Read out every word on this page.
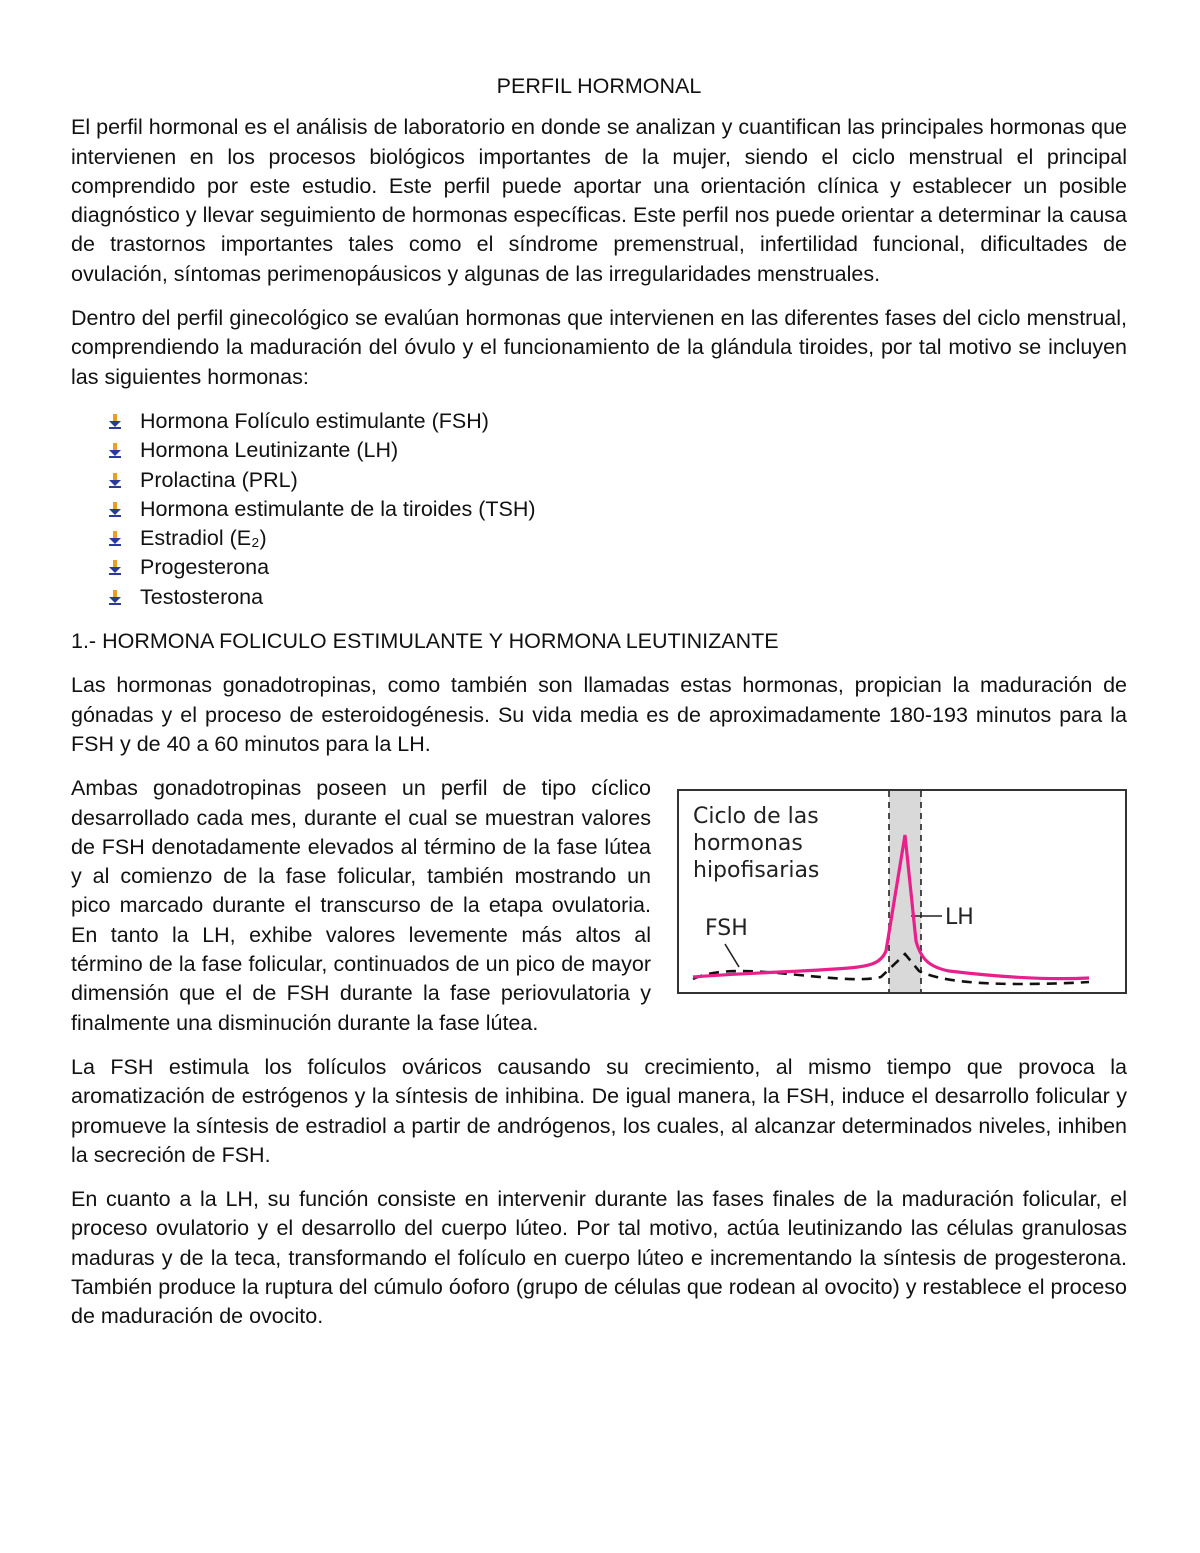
PERFIL HORMONAL

El perfil hormonal es el análisis de laboratorio en donde se analizan y cuantifican las principales hormonas que intervienen en los procesos biológicos importantes de la mujer, siendo el ciclo menstrual el principal comprendido por este estudio. Este perfil puede aportar una orientación clínica y establecer un posible diagnóstico y llevar seguimiento de hormonas específicas. Este perfil nos puede orientar a determinar la causa de trastornos importantes tales como el síndrome premenstrual, infertilidad funcional, dificultades de ovulación, síntomas perimenopáusicos y algunas de las irregularidades menstruales.

Dentro del perfil ginecológico se evalúan hormonas que intervienen en las diferentes fases del ciclo menstrual, comprendiendo la maduración del óvulo y el funcionamiento de la glándula tiroides, por tal motivo se incluyen las siguientes hormonas:

Hormona Folículo estimulante (FSH)
Hormona Leutinizante (LH)
Prolactina (PRL)
Hormona estimulante de la tiroides (TSH)
Estradiol (E₂)
Progesterona
Testosterona
1.- HORMONA FOLICULO ESTIMULANTE Y HORMONA LEUTINIZANTE

Las hormonas gonadotropinas, como también son llamadas estas hormonas, propician la maduración de gónadas y el proceso de esteroidogénesis. Su vida media es de aproximadamente 180-193 minutos para la FSH y de 40 a 60 minutos para la LH.

Ambas gonadotropinas poseen un perfil de tipo cíclico desarrollado cada mes, durante el cual se muestran valores de FSH denotadamente elevados al término de la fase lútea y al comienzo de la fase folicular, también mostrando un pico marcado durante el transcurso de la etapa ovulatoria. En tanto la LH, exhibe valores levemente más altos al término de la fase folicular, continuados de un pico de mayor dimensión que el de FSH durante la fase periovulatoria y finalmente una disminución durante la fase lútea.

Ciclo de las
hormonas
hipofisarias
FSH	LH

La FSH estimula los folículos ováricos causando su crecimiento, al mismo tiempo que provoca la aromatización de estrógenos y la síntesis de inhibina. De igual manera, la FSH, induce el desarrollo folicular y promueve la síntesis de estradiol a partir de andrógenos, los cuales, al alcanzar determinados niveles, inhiben la secreción de FSH.

En cuanto a la LH, su función consiste en intervenir durante las fases finales de la maduración folicular, el proceso ovulatorio y el desarrollo del cuerpo lúteo. Por tal motivo, actúa leutinizando las células granulosas maduras y de la teca, transformando el folículo en cuerpo lúteo e incrementando la síntesis de progesterona. También produce la ruptura del cúmulo óoforo (grupo de células que rodean al ovocito) y restablece el proceso de maduración de ovocito.
